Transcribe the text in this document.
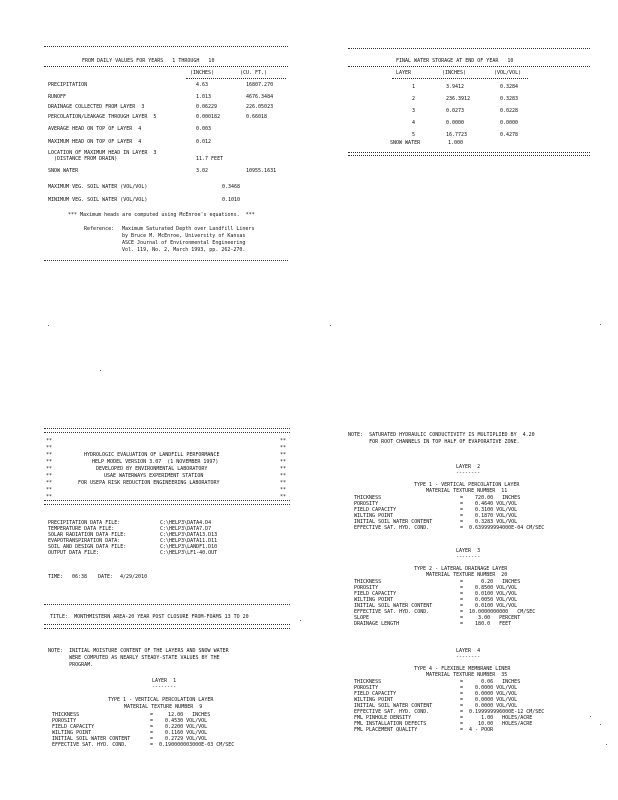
FROM DAILY VALUES FOR YEARS   1 THROUGH   10
(INCHES)	(CU. FT.)
PRECIPITATION	4.63	16807.270
RUNOFF	1.013	4676.3484
DRAINAGE COLLECTED FROM LAYER  3	0.06229	226.05023
PERCOLATION/LEAKAGE THROUGH LAYER  5	0.000182	0.66018
AVERAGE HEAD ON TOP OF LAYER  4	0.003
MAXIMUM HEAD ON TOP OF LAYER  4	0.012
LOCATION OF MAXIMUM HEAD IN LAYER  3
(DISTANCE FROM DRAIN)	11.7 FEET
SNOW WATER	3.02	10955.1631
MAXIMUM VEG. SOIL WATER (VOL/VOL)	0.3468
MINIMUM VEG. SOIL WATER (VOL/VOL)	0.1010
*** Maximum heads are computed using McEnroe's equations.  ***
Reference: Maximum Saturated Depth over Landfill Liners
by Bruce M. McEnroe, University of Kansas
ASCE Journal of Environmental Engineering
Vol. 119, No. 2, March 1993, pp. 262-270.
FINAL WATER STORAGE AT END OF YEAR   10
LAYER	(INCHES)	(VOL/VOL)
1	3.9412	0.3284
2	236.3912	0.3283
3	0.0273	0.0228
4	0.0000	0.0000
5	16.7723	0.4278
SNOW WATER	1.000
**	**
**	**
**	**
**	**
**	**
**	**
**	**
**	**
**	**
HYDROLOGIC EVALUATION OF LANDFILL PERFORMANCE
HELP MODEL VERSION 3.07  (1 NOVEMBER 1997)
DEVELOPED BY ENVIRONMENTAL LABORATORY
USAE WATERWAYS EXPERIMENT STATION
FOR USEPA RISK REDUCTION ENGINEERING LABORATORY
PRECIPITATION DATA FILE:	C:\HELP3\DATA4.D4
TEMPERATURE DATA FILE:	C:\HELP3\DATA7.D7
SOLAR RADIATION DATA FILE:	C:\HELP3\DATA13.D13
EVAPOTRANSPIRATION DATA:	C:\HELP3\DATA11.D11
SOIL AND DESIGN DATA FILE:	C:\HELP3\LANDF1.D10
OUTPUT DATA FILE:	C:\HELP3\LF1-40.OUT
TIME: 06:38 DATE: 4/29/2010
TITLE:  MONTHMISTERN AREA-20 YEAR POST CLOSURE FROM-FOAMS 13 TO 20
NOTE:  INITIAL MOISTURE CONTENT OF THE LAYERS AND SNOW WATER
WERE COMPUTED AS NEARLY STEADY-STATE VALUES BY THE
PROGRAM.
LAYER  1
--------
TYPE 1 - VERTICAL PERCOLATION LAYER
MATERIAL TEXTURE NUMBER  9
THICKNESS	=     12.00   INCHES
POROSITY	=    0.4530 VOL/VOL
FIELD CAPACITY	=    0.2200 VOL/VOL
WILTING POINT	=    0.1160 VOL/VOL
INITIAL SOIL WATER CONTENT	=    0.2729 VOL/VOL
EFFECTIVE SAT. HYD. COND.	=  0.190000003000E-03 CM/SEC
NOTE:  SATURATED HYDRAULIC CONDUCTIVITY IS MULTIPLIED BY  4.20
FOR ROOT CHANNELS IN TOP HALF OF EVAPORATIVE ZONE.
LAYER  2
--------
TYPE 1 - VERTICAL PERCOLATION LAYER
MATERIAL TEXTURE NUMBER  11
THICKNESS	=    720.00   INCHES
POROSITY	=    0.4640 VOL/VOL
FIELD CAPACITY	=    0.3100 VOL/VOL
WILTING POINT	=    0.1870 VOL/VOL
INITIAL SOIL WATER CONTENT	=    0.3283 VOL/VOL
EFFECTIVE SAT. HYD. COND.	=  0.639999994000E-04 CM/SEC
LAYER  3
--------
TYPE 2 - LATERAL DRAINAGE LAYER
MATERIAL TEXTURE NUMBER  20
THICKNESS	=      0.20   INCHES
POROSITY	=    0.8500 VOL/VOL
FIELD CAPACITY	=    0.0100 VOL/VOL
WILTING POINT	=    0.0050 VOL/VOL
INITIAL SOIL WATER CONTENT	=    0.0100 VOL/VOL
EFFECTIVE SAT. HYD. COND.	=  10.0000000000   CM/SEC
SLOPE	=     3.00   PERCENT
DRAINAGE LENGTH	=    180.0   FEET
LAYER  4
--------
TYPE 4 - FLEXIBLE MEMBRANE LINER
MATERIAL TEXTURE NUMBER  35
THICKNESS	=      0.06   INCHES
POROSITY	=    0.0000 VOL/VOL
FIELD CAPACITY	=    0.0000 VOL/VOL
WILTING POINT	=    0.0000 VOL/VOL
INITIAL SOIL WATER CONTENT	=    0.0000 VOL/VOL
EFFECTIVE SAT. HYD. COND.	=  0.199999996000E-12 CM/SEC
FML PINHOLE DENSITY	=      1.00   HOLES/ACRE
FML INSTALLATION DEFECTS	=     10.00   HOLES/ACRE
FML PLACEMENT QUALITY	=  4 - POOR
